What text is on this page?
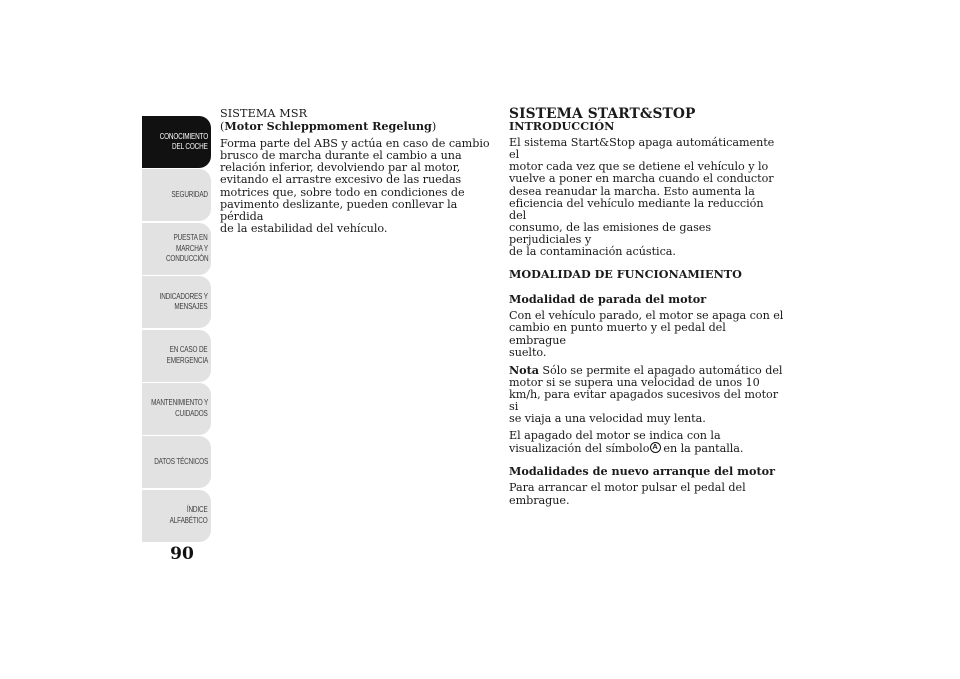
CONOCIMIENTO
DEL COCHE
SEGURIDAD
PUESTA EN
MARCHA Y
CONDUCCIÓN
INDICADORES Y
MENSAJES
EN CASO DE
EMERGENCIA
MANTENIMIENTO Y
CUIDADOS
DATOS TÉCNICOS
ÍNDICE
ALFABÉTICO
90

SISTEMA MSR

(Motor Schleppmoment Regelung)

Forma parte del ABS y actúa en caso de cambio

brusco de marcha durante el cambio a una

relación inferior, devolviendo par al motor,

evitando el arrastre excesivo de las ruedas

motrices que, sobre todo en condiciones de

pavimento deslizante, pueden conllevar la pérdida

de la estabilidad del vehículo.

SISTEMA START&STOP

INTRODUCCIÓN

El sistema Start&Stop apaga automáticamente el

motor cada vez que se detiene el vehículo y lo

vuelve a poner en marcha cuando el conductor

desea reanudar la marcha. Esto aumenta la

eficiencia del vehículo mediante la reducción del

consumo, de las emisiones de gases perjudiciales y

de la contaminación acústica.

MODALIDAD DE FUNCIONAMIENTO

Modalidad de parada del motor

Con el vehículo parado, el motor se apaga con el

cambio en punto muerto y el pedal del embrague

suelto.

Nota Sólo se permite el apagado automático del

motor si se supera una velocidad de unos 10

km/h, para evitar apagados sucesivos del motor si

se viaja a una velocidad muy lenta.

El apagado del motor se indica con la

visualización del símboloA en la pantalla.

Modalidades de nuevo arranque del motor

Para arrancar el motor pulsar el pedal del

embrague.
